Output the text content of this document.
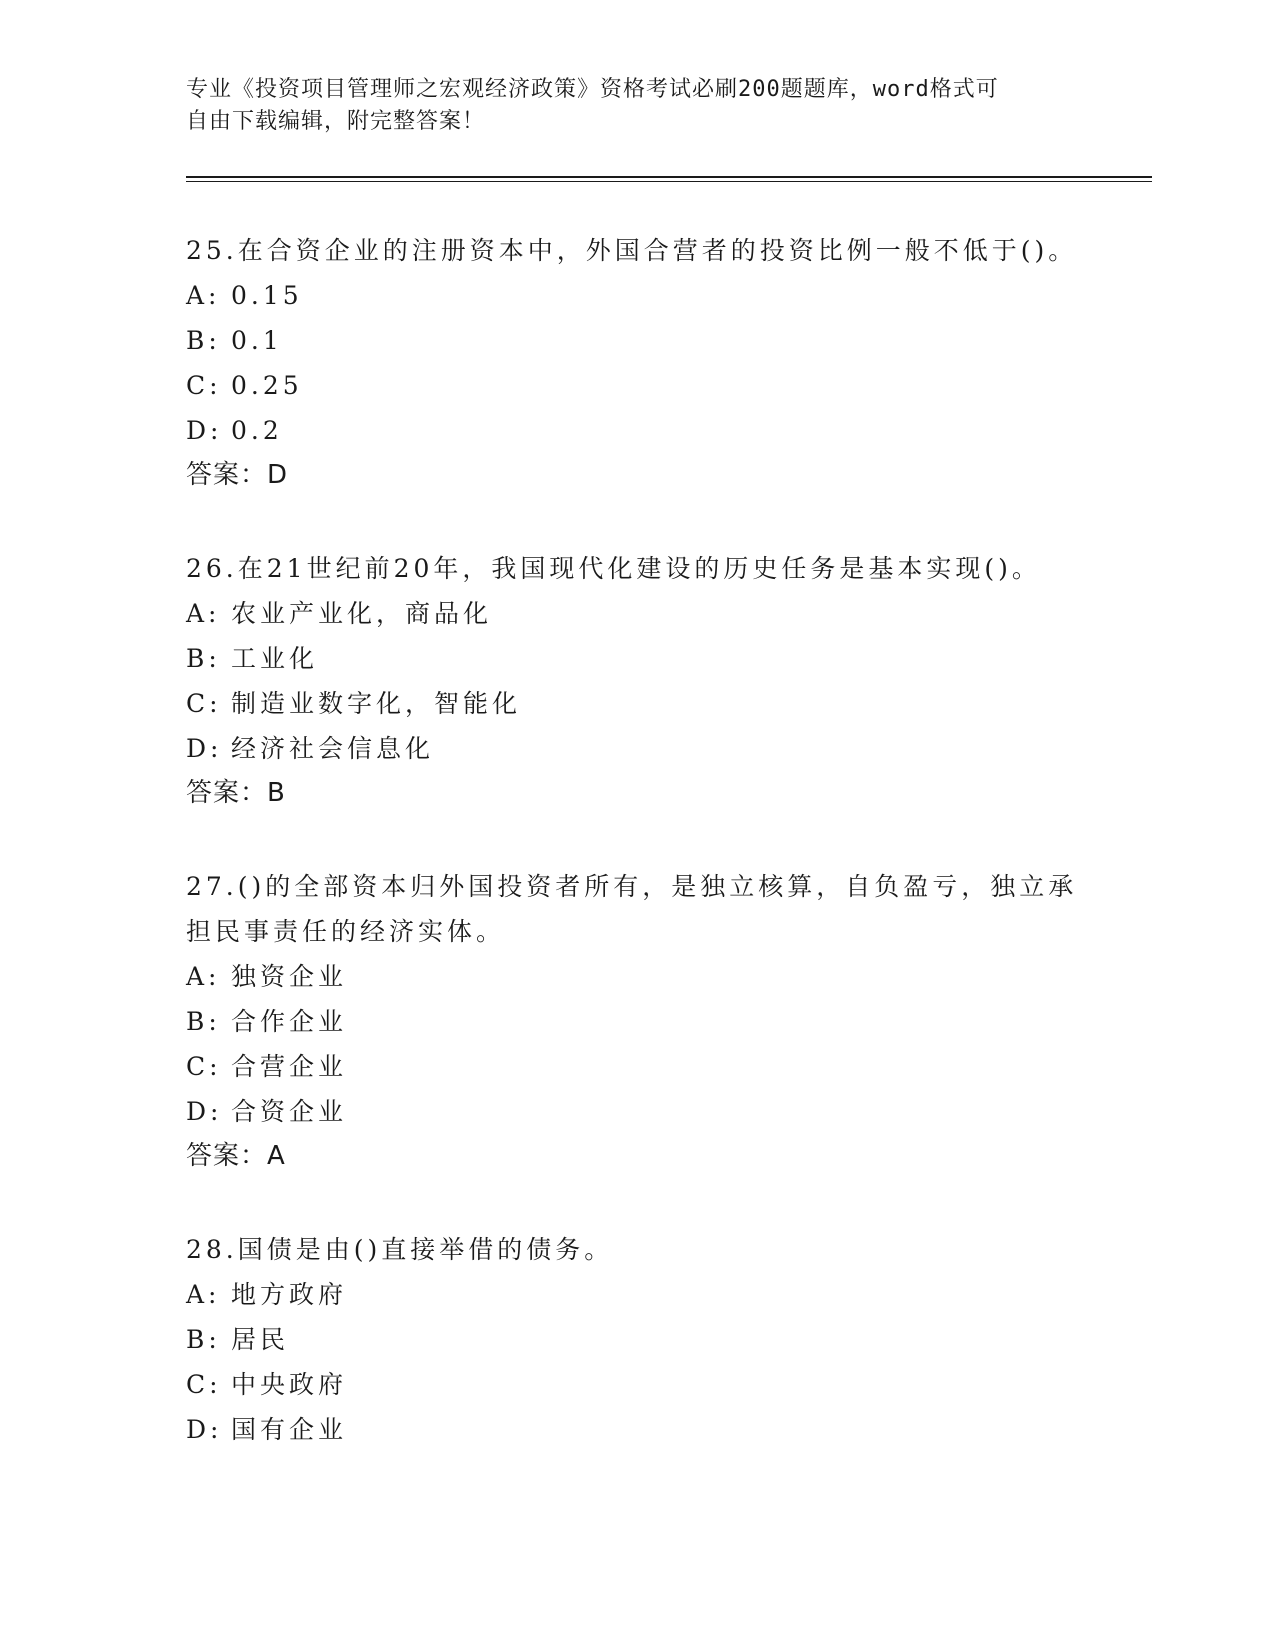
专业《投资项目管理师之宏观经济政策》资格考试必刷200题题库，word格式可
自由下载编辑，附完整答案！

25.在合资企业的注册资本中，外国合营者的投资比例一般不低于()。

A: 0.15
B: 0.1
C: 0.25
D: 0.2
答案：D

26.在21世纪前20年，我国现代化建设的历史任务是基本实现()。

A: 农业产业化，商品化
B: 工业化
C: 制造业数字化，智能化
D: 经济社会信息化
答案：B

27.()的全部资本归外国投资者所有，是独立核算，自负盈亏，独立承担民事责任的经济实体。

A: 独资企业
B: 合作企业
C: 合营企业
D: 合资企业
答案：A

28.国债是由()直接举借的债务。

A: 地方政府
B: 居民
C: 中央政府
D: 国有企业
